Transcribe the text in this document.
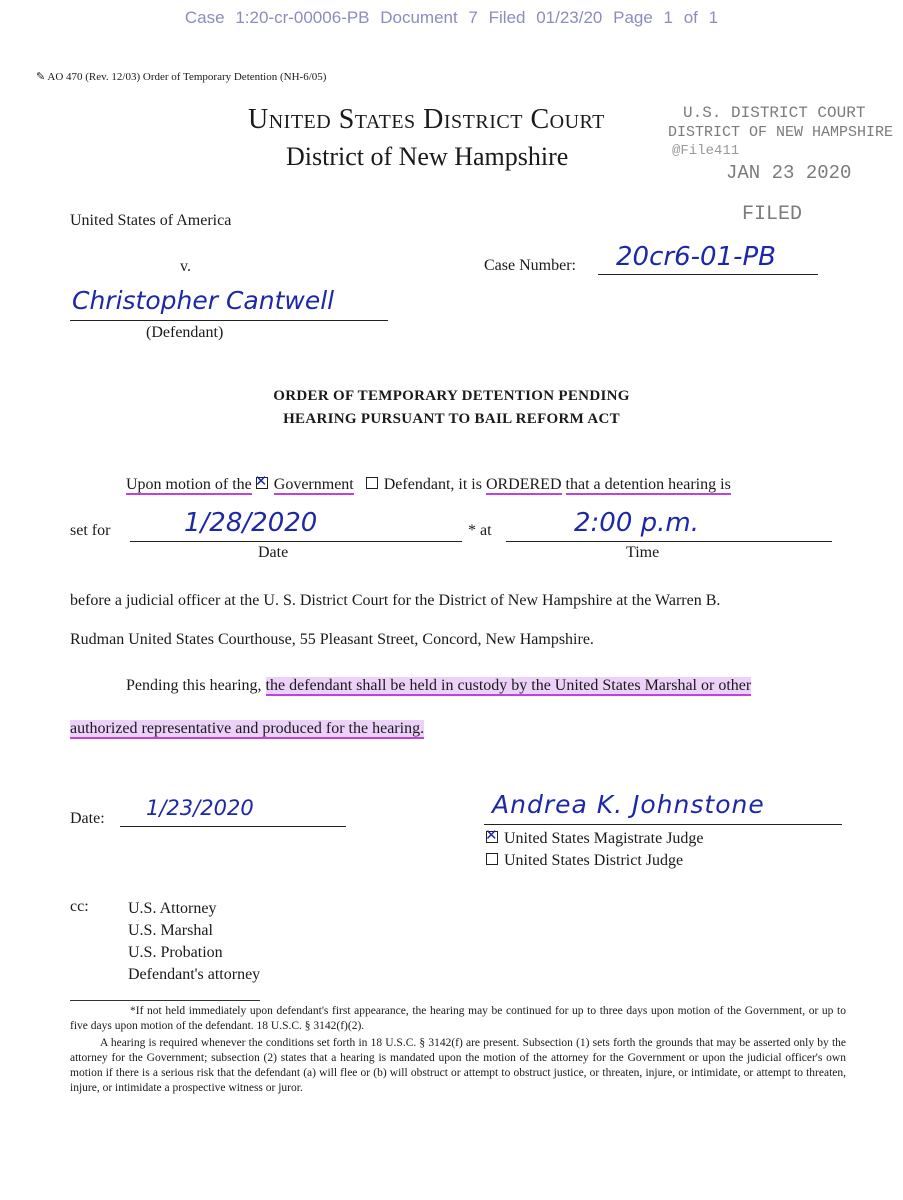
Case 1:20-cr-00006-PB Document 7 Filed 01/23/20 Page 1 of 1
✎ AO 470 (Rev. 12/03) Order of Temporary Detention (NH-6/05)
United States District Court
District of New Hampshire
U.S. DISTRICT COURT
DISTRICT OF NEW HAMPSHIRE
@File411
JAN 23 2020
FILED
United States of America
v.	Case Number: 20cr6-01-PB
Christopher Cantwell
(Defendant)
ORDER OF TEMPORARY DETENTION PENDING
HEARING PURSUANT TO BAIL REFORM ACT
Upon motion of the ✕ Government Defendant, it is ORDERED that a detention hearing is
set for	1/28/2020
Date
* at	2:00 p.m.
Time
before a judicial officer at the U. S. District Court for the District of New Hampshire at the Warren B.
Rudman United States Courthouse, 55 Pleasant Street, Concord, New Hampshire.
Pending this hearing, the defendant shall be held in custody by the United States Marshal or other
authorized representative and produced for the hearing.
Date: 1/23/2020	Andrea K. Johnstone
✕ United States Magistrate Judge
United States District Judge
cc: U.S. Attorney
U.S. Marshal
U.S. Probation
Defendant's attorney
*If not held immediately upon defendant's first appearance, the hearing may be continued for up to three days upon motion of the Government, or up to five days upon motion of the defendant. 18 U.S.C. § 3142(f)(2).
A hearing is required whenever the conditions set forth in 18 U.S.C. § 3142(f) are present. Subsection (1) sets forth the grounds that may be asserted only by the attorney for the Government; subsection (2) states that a hearing is mandated upon the motion of the attorney for the Government or upon the judicial officer's own motion if there is a serious risk that the defendant (a) will flee or (b) will obstruct or attempt to obstruct justice, or threaten, injure, or intimidate, or attempt to threaten, injure, or intimidate a prospective witness or juror.
